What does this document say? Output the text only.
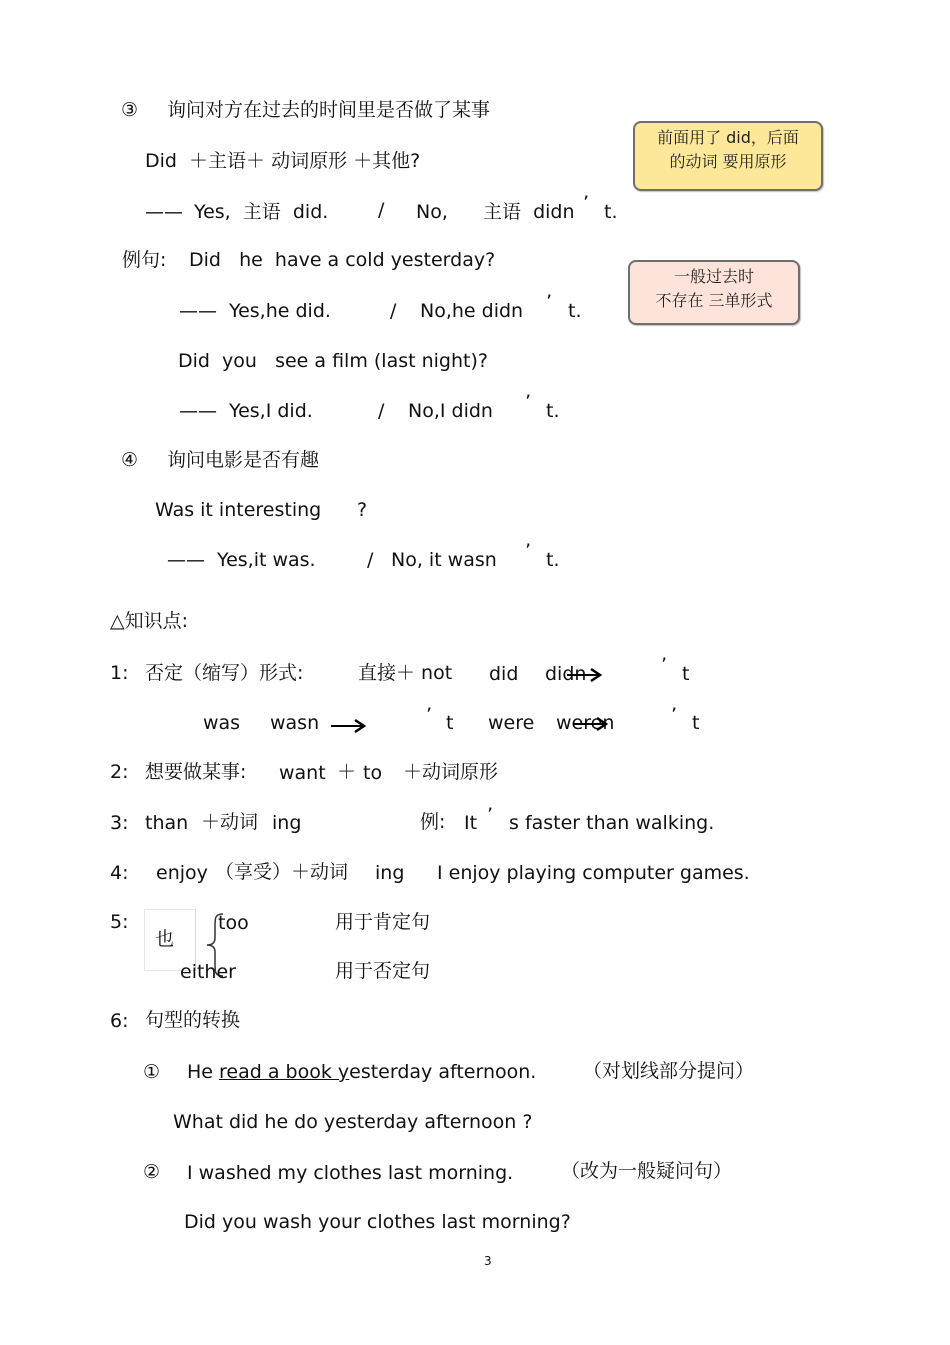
③ 询问对方在过去的时间里是否做了某事
Did  ＋主语＋ 动词原形 ＋其他?
—— Yes,  主语  did.	/ No, 主语  didn ’ t.
例句: Did   he  have a cold yesterday?
—— Yes,he did.	/ No,he didn ’ t.
Did  you   see a film (last night)?
—— Yes,I did.	/ No,I didn ’ t.
前面用了 did，后面
的动词 要用原形
一般过去时
不存在 三单形式
④ 询问电影是否有趣
Was it interesting ?
—— Yes,it was.	/ No, it wasn ’ t.
△知识点:
1: 否定（缩写）形式:	直接＋ not did didn	’ t
was wasn	’ t were weren	’ t
2: 想要做某事: want ＋ to ＋动词原形
3: than ＋动词 ing	例: It ’ s faster than walking.
4: enjoy （享受）＋动词 ing I enjoy playing computer games.
5:
也
too	用于肯定句
either	用于否定句
6: 句型的转换
① He read a book yesterday afternoon. （对划线部分提问）
What did he do yesterday afternoon ?
② I washed my clothes last morning.	（改为一般疑问句）
Did you wash your clothes last morning?
3
